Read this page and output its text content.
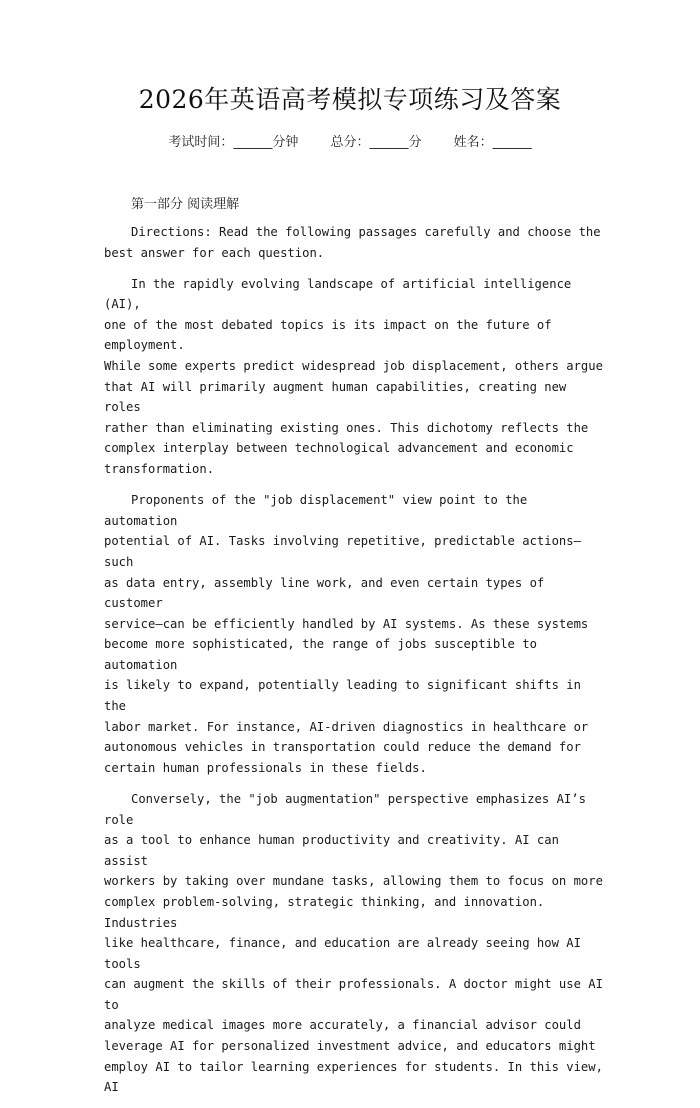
2026年英语高考模拟专项练习及答案
考试时间：______分钟 总分：______分 姓名：______
第一部分 阅读理解

Directions: Read the following passages carefully and choose the
best answer for each question.

In the rapidly evolving landscape of artificial intelligence (AI),
one of the most debated topics is its impact on the future of employment.
While some experts predict widespread job displacement, others argue
that AI will primarily augment human capabilities, creating new roles
rather than eliminating existing ones. This dichotomy reflects the
complex interplay between technological advancement and economic
transformation.

Proponents of the "job displacement" view point to the automation
potential of AI. Tasks involving repetitive, predictable actions—such
as data entry, assembly line work, and even certain types of customer
service—can be efficiently handled by AI systems. As these systems
become more sophisticated, the range of jobs susceptible to automation
is likely to expand, potentially leading to significant shifts in the
labor market. For instance, AI-driven diagnostics in healthcare or
autonomous vehicles in transportation could reduce the demand for
certain human professionals in these fields.

Conversely, the "job augmentation" perspective emphasizes AI’s role
as a tool to enhance human productivity and creativity. AI can assist
workers by taking over mundane tasks, allowing them to focus on more
complex problem-solving, strategic thinking, and innovation. Industries
like healthcare, finance, and education are already seeing how AI tools
can augment the skills of their professionals. A doctor might use AI to
analyze medical images more accurately, a financial advisor could
leverage AI for personalized investment advice, and educators might
employ AI to tailor learning experiences for students. In this view, AI
